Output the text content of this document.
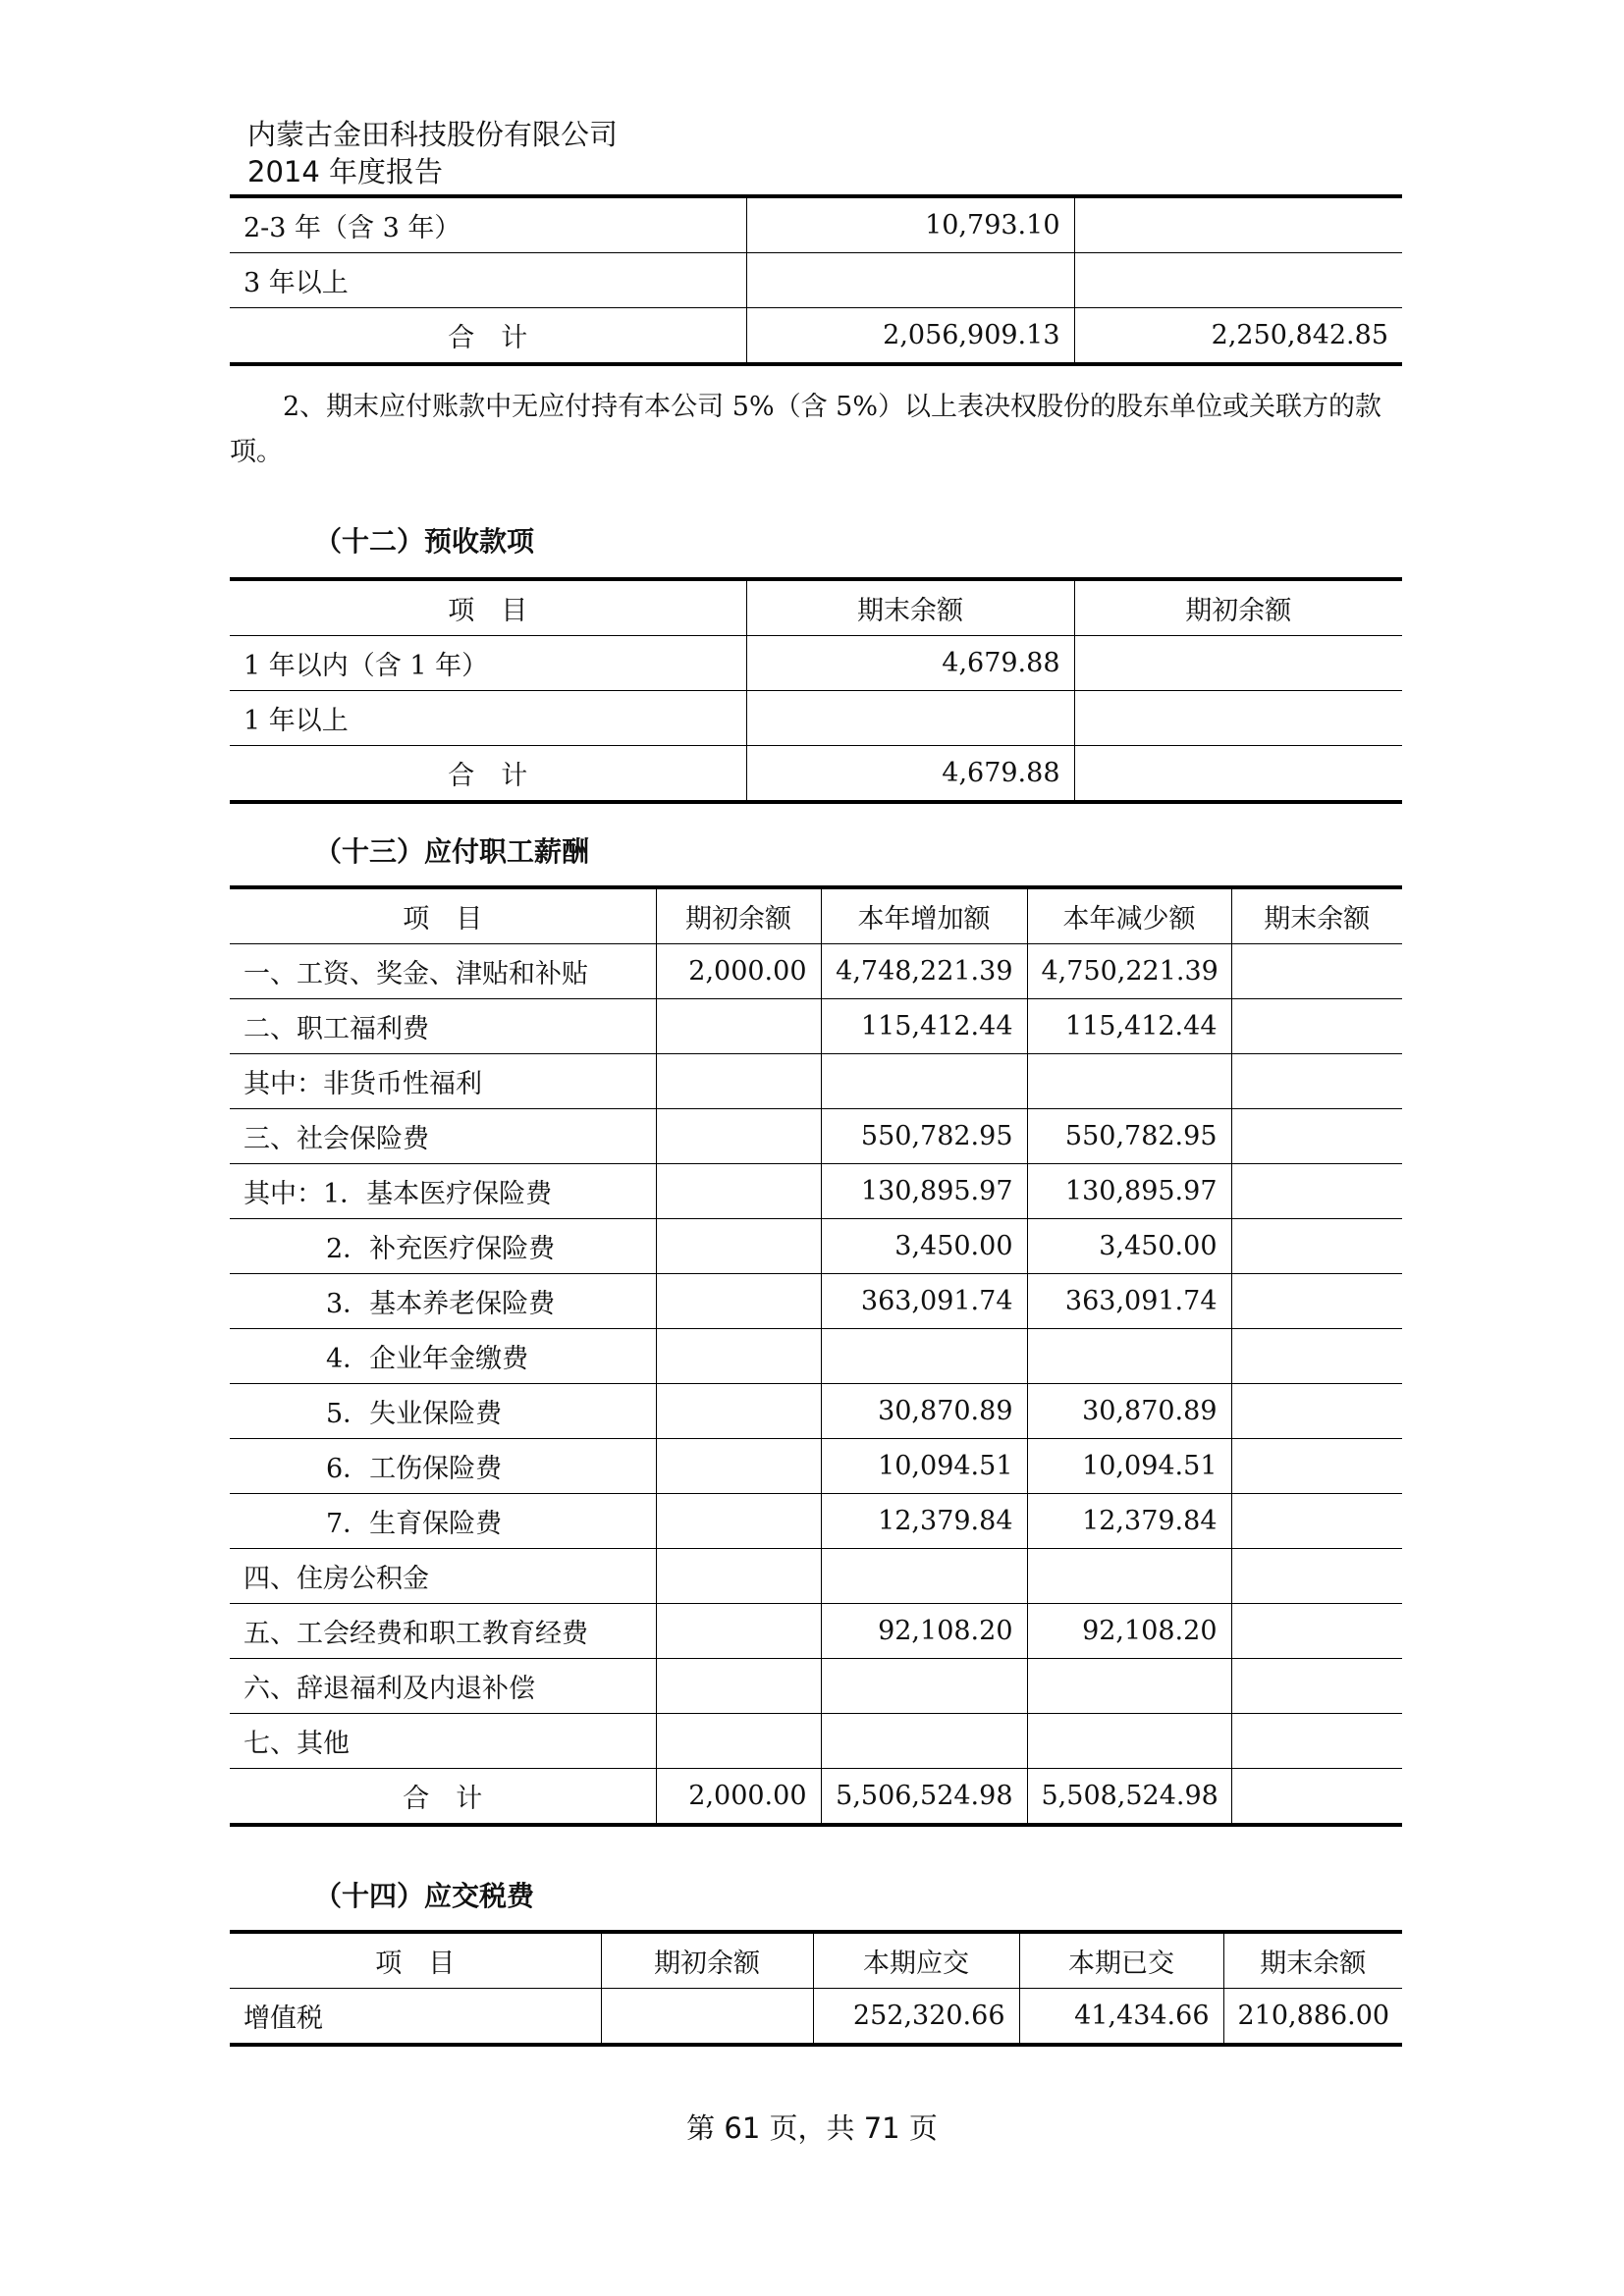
内蒙古金田科技股份有限公司
2014 年度报告
2-3 年（含 3 年）	10,793.10	
3 年以上		
合　计	2,056,909.13	2,250,842.85
2、期末应付账款中无应付持有本公司 5%（含 5%）以上表决权股份的股东单位或关联方的款项。
（十二）预收款项
项　目	期末余额	期初余额
1 年以内（含 1 年）	4,679.88	
1 年以上		
合　计	4,679.88	
（十三）应付职工薪酬
项　目	期初余额	本年增加额	本年减少额	期末余额
一、工资、奖金、津贴和补贴	2,000.00	4,748,221.39	4,750,221.39	
二、职工福利费		115,412.44	115,412.44	
其中：非货币性福利				
三、社会保险费		550,782.95	550,782.95	
其中：1．基本医疗保险费		130,895.97	130,895.97	
2．补充医疗保险费		3,450.00	3,450.00	
3．基本养老保险费		363,091.74	363,091.74	
4．企业年金缴费				
5．失业保险费		30,870.89	30,870.89	
6．工伤保险费		10,094.51	10,094.51	
7．生育保险费		12,379.84	12,379.84	
四、住房公积金				
五、工会经费和职工教育经费		92,108.20	92,108.20	
六、辞退福利及内退补偿				
七、其他				
合　计	2,000.00	5,506,524.98	5,508,524.98	
（十四）应交税费
项　目	期初余额	本期应交	本期已交	期末余额
增值税		252,320.66	41,434.66	210,886.00
第 61 页，共 71 页
